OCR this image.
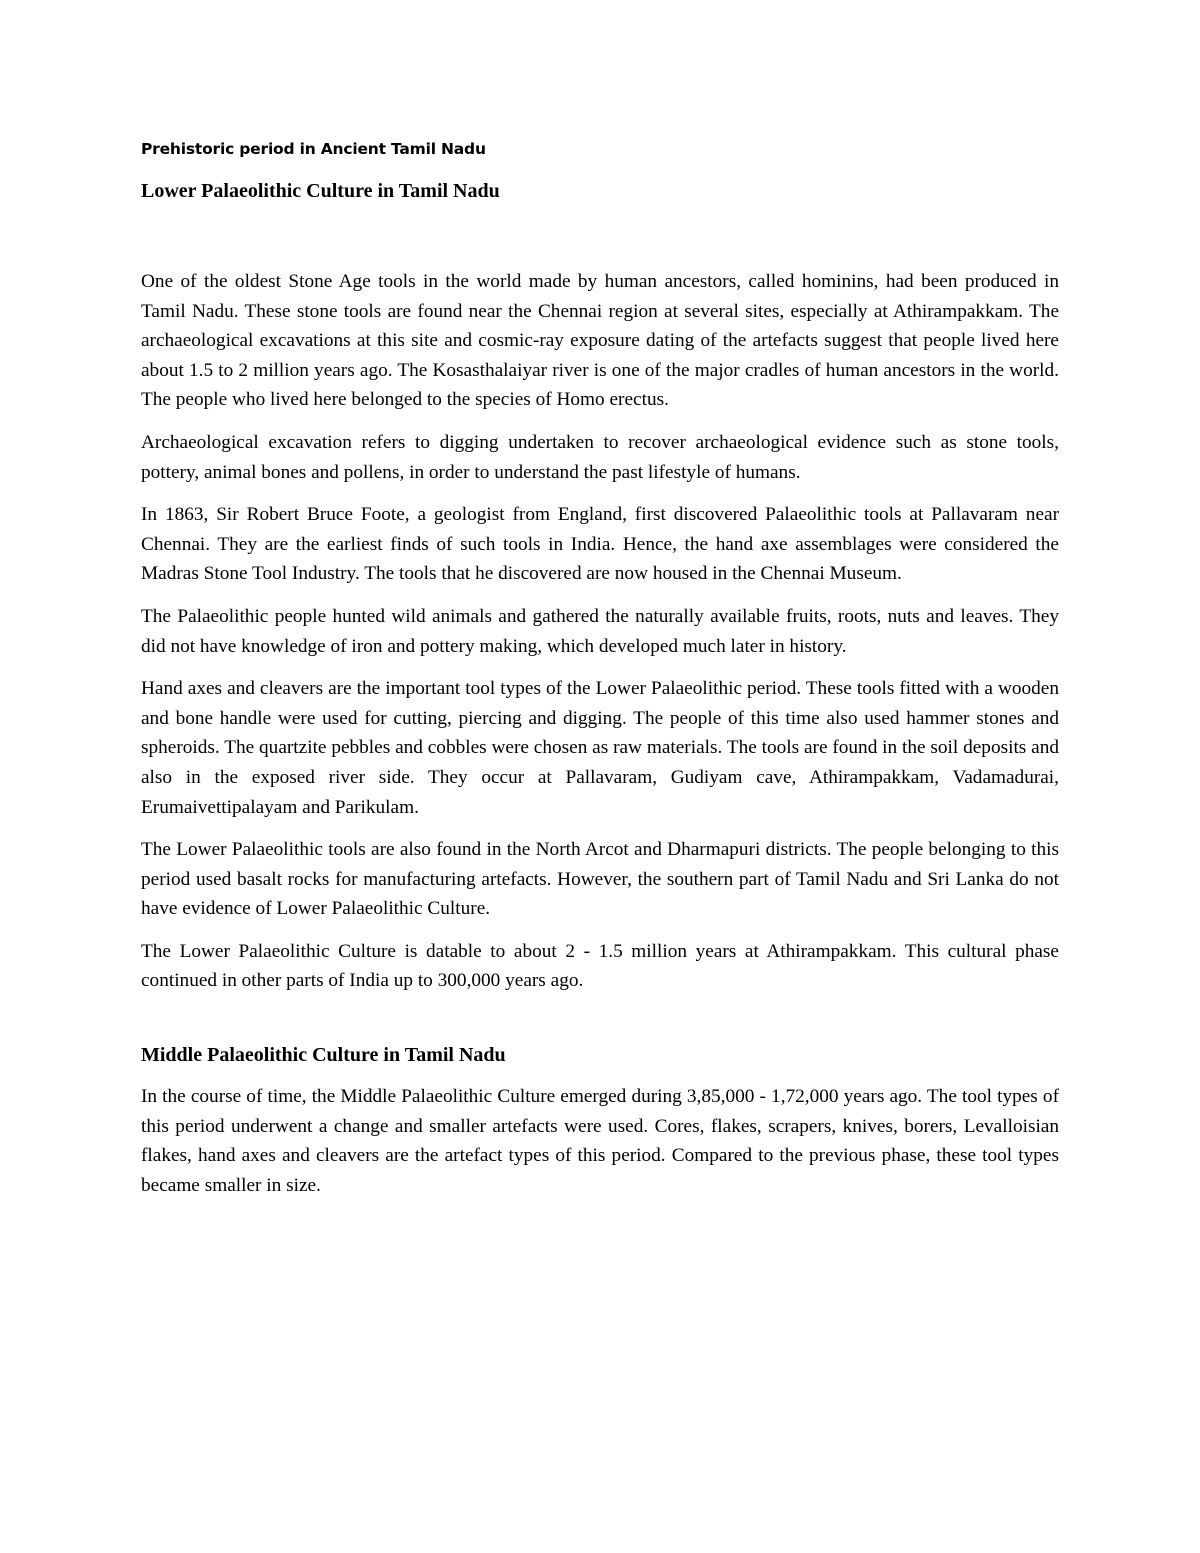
Prehistoric period in Ancient Tamil Nadu
Lower Palaeolithic Culture in Tamil Nadu

One of the oldest Stone Age tools in the world made by human ancestors, called hominins, had been produced in Tamil Nadu. These stone tools are found near the Chennai region at several sites, especially at Athirampakkam. The archaeological excavations at this site and cosmic-ray exposure dating of the artefacts suggest that people lived here about 1.5 to 2 million years ago. The Kosasthalaiyar river is one of the major cradles of human ancestors in the world. The people who lived here belonged to the species of Homo erectus.

Archaeological excavation refers to digging undertaken to recover archaeological evidence such as stone tools, pottery, animal bones and pollens, in order to understand the past lifestyle of humans.

In 1863, Sir Robert Bruce Foote, a geologist from England, first discovered Palaeolithic tools at Pallavaram near Chennai. They are the earliest finds of such tools in India. Hence, the hand axe assemblages were considered the Madras Stone Tool Industry. The tools that he discovered are now housed in the Chennai Museum.

The Palaeolithic people hunted wild animals and gathered the naturally available fruits, roots, nuts and leaves. They did not have knowledge of iron and pottery making, which developed much later in history.

Hand axes and cleavers are the important tool types of the Lower Palaeolithic period. These tools fitted with a wooden and bone handle were used for cutting, piercing and digging. The people of this time also used hammer stones and spheroids. The quartzite pebbles and cobbles were chosen as raw materials. The tools are found in the soil deposits and also in the exposed river side. They occur at Pallavaram, Gudiyam cave, Athirampakkam, Vadamadurai, Erumaivettipalayam and Parikulam.

The Lower Palaeolithic tools are also found in the North Arcot and Dharmapuri districts. The people belonging to this period used basalt rocks for manufacturing artefacts. However, the southern part of Tamil Nadu and Sri Lanka do not have evidence of Lower Palaeolithic Culture.

The Lower Palaeolithic Culture is datable to about 2 - 1.5 million years at Athirampakkam. This cultural phase continued in other parts of India up to 300,000 years ago.

Middle Palaeolithic Culture in Tamil Nadu

In the course of time, the Middle Palaeolithic Culture emerged during 3,85,000 - 1,72,000 years ago. The tool types of this period underwent a change and smaller artefacts were used. Cores, flakes, scrapers, knives, borers, Levalloisian flakes, hand axes and cleavers are the artefact types of this period. Compared to the previous phase, these tool types became smaller in size.
